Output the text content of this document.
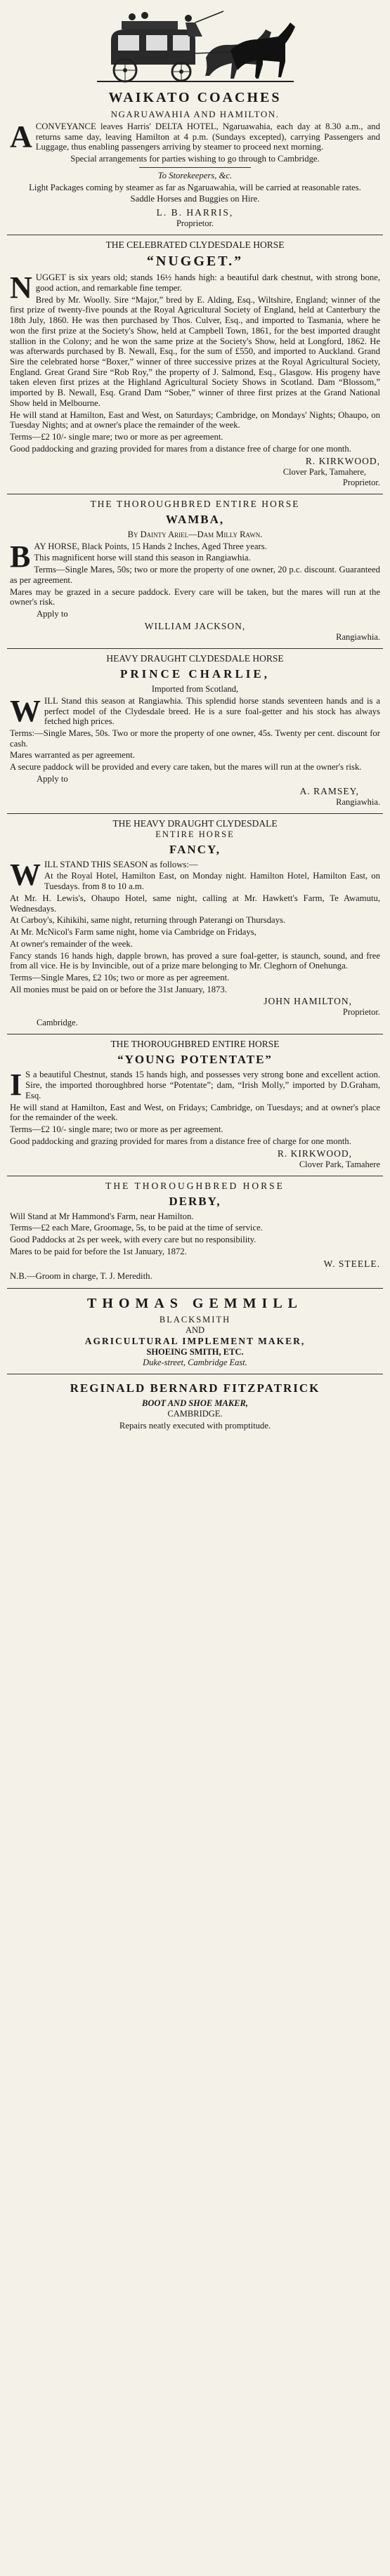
WAIKATO COACHES
NGARUAWAHIA AND HAMILTON.

ACONVEYANCE leaves Harris' DELTA HOTEL, Ngaruawahia, each day at 8.30 a.m., and returns same day, leaving Hamilton at 4 p.m. (Sundays excepted), carrying Passengers and Luggage, thus enabling passengers arriving by steamer to proceed next morning.

Special arrangements for parties wishing to go through to Cambridge.

To Storekeepers, &c.

Light Packages coming by steamer as far as Ngaruawahia, will be carried at reasonable rates.

Saddle Horses and Buggies on Hire.

L. B. HARRIS,
Proprietor.
THE CELEBRATED CLYDESDALE HORSE
“NUGGET.”

NUGGET is six years old; stands 16½ hands high: a beautiful dark chestnut, with strong bone, good action, and remarkable fine temper.

Bred by Mr. Woolly. Sire “Major,” bred by E. Alding, Esq., Wiltshire, England; winner of the first prize of twenty-five pounds at the Royal Agricultural Society of England, held at Canterbury the 18th July, 1860. He was then purchased by Thos. Culver, Esq., and imported to Tasmania, where he won the first prize at the Society's Show, held at Campbell Town, 1861, for the best imported draught stallion in the Colony; and he won the same prize at the Society's Show, held at Longford, 1862. He was afterwards purchased by B. Newall, Esq., for the sum of £550, and imported to Auckland. Grand Sire the celebrated horse “Boxer,” winner of three successive prizes at the Royal Agricultural Society, England. Great Grand Sire “Rob Roy,” the property of J. Salmond, Esq., Glasgow. His progeny have taken eleven first prizes at the Highland Agricultural Society Shows in Scotland. Dam “Blossom,” imported by B. Newall, Esq. Grand Dam “Sober,” winner of three first prizes at the Grand National Show held in Melbourne.

He will stand at Hamilton, East and West, on Saturdays; Cambridge, on Mondays' Nights; Ohaupo, on Tuesday Nights; and at owner's place the remainder of the week.

Terms—£2 10/- single mare; two or more as per agreement.

Good paddocking and grazing provided for mares from a distance free of charge for one month.

R. KIRKWOOD,
Clover Park, Tamahere,
Proprietor.
THE THOROUGHBRED ENTIRE HORSE
WAMBA,
By Dainty Ariel—Dam Milly Rawn.

BAY HORSE, Black Points, 15 Hands 2 Inches, Aged Three years.

This magnificent horse will stand this season in Rangiawhia.

Terms—Single Mares, 50s; two or more the property of one owner, 20 p.c. discount. Guaranteed as per agreement.

Mares may be grazed in a secure paddock. Every care will be taken, but the mares will run at the owner's risk.

Apply to

WILLIAM JACKSON,
Rangiawhia.
HEAVY DRAUGHT CLYDESDALE HORSE
PRINCE CHARLIE,
Imported from Scotland,

WILL Stand this season at Rangiawhia. This splendid horse stands seventeen hands and is a perfect model of the Clydesdale breed. He is a sure foal-getter and his stock has always fetched high prices.

Terms:—Single Mares, 50s. Two or more the property of one owner, 45s. Twenty per cent. discount for cash.

Mares warranted as per agreement.

A secure paddock will be provided and every care taken, but the mares will run at the owner's risk.

Apply to

A. RAMSEY,
Rangiawhia.
THE HEAVY DRAUGHT CLYDESDALE
ENTIRE HORSE
FANCY,

WILL STAND THIS SEASON as follows:—

At the Royal Hotel, Hamilton East, on Monday night. Hamilton Hotel, Hamilton East, on Tuesdays. from 8 to 10 a.m.

At Mr. H. Lewis's, Ohaupo Hotel, same night, calling at Mr. Hawkett's Farm, Te Awamutu, Wednesdays.

At Carboy's, Kihikihi, same night, returning through Paterangi on Thursdays.

At Mr. McNicol's Farm same night, home via Cambridge on Fridays,

At owner's remainder of the week.

Fancy stands 16 hands high, dapple brown, has proved a sure foal-getter, is staunch, sound, and free from all vice. He is by Invincible, out of a prize mare belonging to Mr. Cleghorn of Onehunga.

Terms—Single Mares, £2 10s; two or more as per agreement.

All monies must be paid on or before the 31st January, 1873.

JOHN HAMILTON,
Proprietor.
Cambridge.
THE THOROUGHBRED ENTIRE HORSE
“YOUNG POTENTATE”

I S a beautiful Chestnut, stands 15 hands high, and possesses very strong bone and excellent action. Sire, the imported thoroughbred horse “Potentate”; dam, “Irish Molly,” imported by D.Graham, Esq.

He will stand at Hamilton, East and West, on Fridays; Cambridge, on Tuesdays; and at owner's place for the remainder of the week.

Terms—£2 10/- single mare; two or more as per agreement.

Good paddocking and grazing provided for mares from a distance free of charge for one month.

R. KIRKWOOD,
Clover Park, Tamahere
THE THOROUGHBRED HORSE
DERBY,

Will Stand at Mr Hammond's Farm, near Hamilton.

Terms—£2 each Mare, Groomage, 5s, to be paid at the time of service.

Good Paddocks at 2s per week, with every care but no responsibility.

Mares to be paid for before the 1st January, 1872.

W. STEELE.

N.B.—Groom in charge, T. J. Meredith.

THOMAS GEMMILL
BLACKSMITH
AND
AGRICULTURAL IMPLEMENT MAKER,
SHOEING SMITH, ETC.
Duke-street, Cambridge East.
REGINALD BERNARD FITZPATRICK
BOOT AND SHOE MAKER,
CAMBRIDGE.

Repairs neatly executed with promptitude.
